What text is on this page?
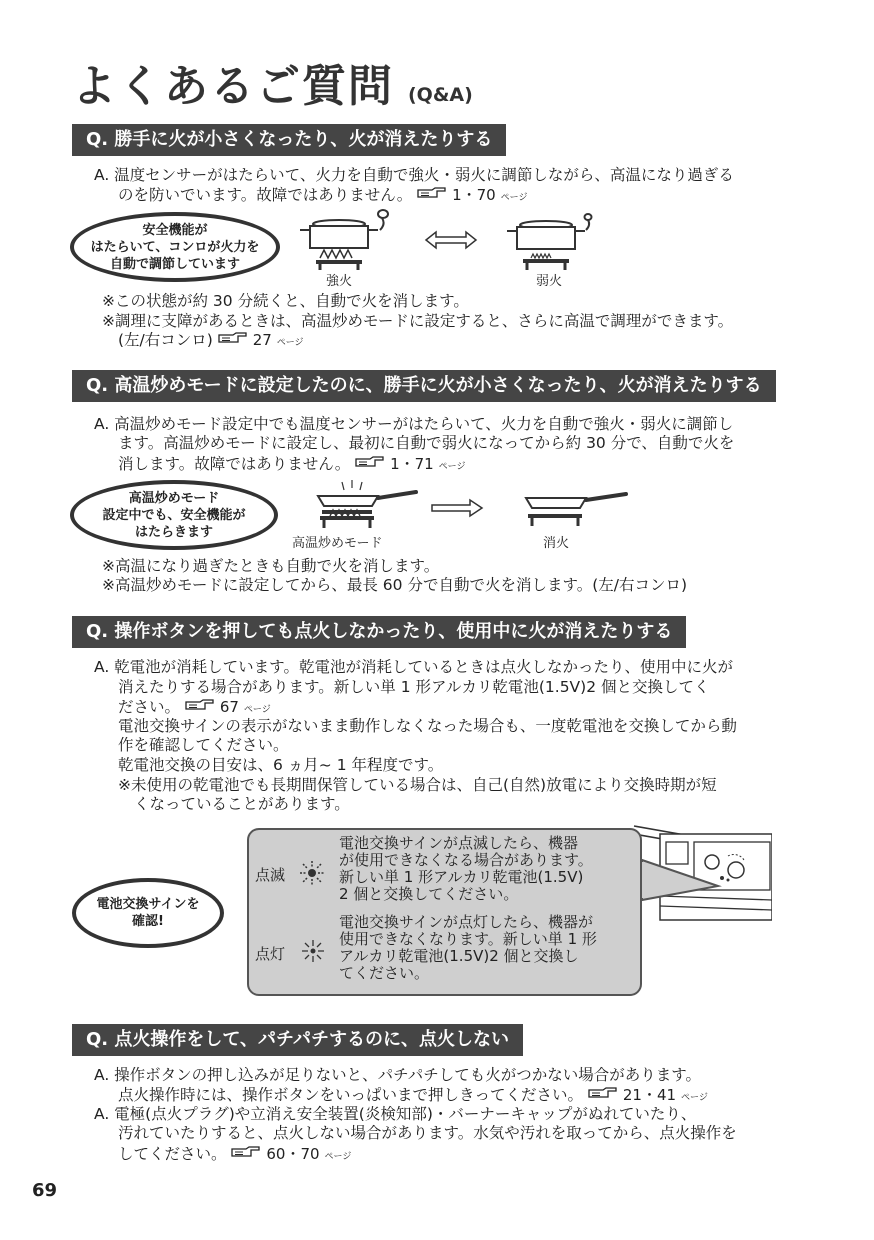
よくあるご質問 (Q&A)
Q. 勝手に火が小さくなったり、火が消えたりする
A. 温度センサーがはたらいて、火力を自動で強火・弱火に調節しながら、高温になり過ぎる
のを防いでいます。故障ではありません。	1・70 ページ
安全機能が
はたらいて、コンロが火力を
自動で調節しています
強火	弱火
※この状態が約 30 分続くと、自動で火を消します。
※調理に支障があるときは、高温炒めモードに設定すると、さらに高温で調理ができます。
(左/右コンロ)	27 ページ
Q. 高温炒めモードに設定したのに、勝手に火が小さくなったり、火が消えたりする
A. 高温炒めモード設定中でも温度センサーがはたらいて、火力を自動で強火・弱火に調節し
ます。高温炒めモードに設定し、最初に自動で弱火になってから約 30 分で、自動で火を
消します。故障ではありません。	1・71 ページ
高温炒めモード
設定中でも、安全機能が
はたらきます
高温炒めモード	消火
※高温になり過ぎたときも自動で火を消します。
※高温炒めモードに設定してから、最長 60 分で自動で火を消します。(左/右コンロ)
Q. 操作ボタンを押しても点火しなかったり、使用中に火が消えたりする
A. 乾電池が消耗しています。乾電池が消耗しているときは点火しなかったり、使用中に火が
消えたりする場合があります。新しい単 1 形アルカリ乾電池(1.5V)2 個と交換してく
ださい。	67 ページ
電池交換サインの表示がないまま動作しなくなった場合も、一度乾電池を交換してから動
作を確認してください。
乾電池交換の目安は、6 ヵ月~ 1 年程度です。
※未使用の乾電池でも長期間保管している場合は、自己(自然)放電により交換時期が短
くなっていることがあります。
電池交換サインを
確認!
点滅
電池交換サインが点滅したら、機器
が使用できなくなる場合があります。
新しい単 1 形アルカリ乾電池(1.5V)
2 個と交換してください。
点灯
電池交換サインが点灯したら、機器が
使用できなくなります。新しい単 1 形
アルカリ乾電池(1.5V)2 個と交換し
てください。
Q. 点火操作をして、パチパチするのに、点火しない
A. 操作ボタンの押し込みが足りないと、パチパチしても火がつかない場合があります。
点火操作時には、操作ボタンをいっぱいまで押しきってください。	21・41 ページ
A. 電極(点火プラグ)や立消え安全装置(炎検知部)・バーナーキャップがぬれていたり、
汚れていたりすると、点火しない場合があります。水気や汚れを取ってから、点火操作を
してください。	60・70 ページ
69
